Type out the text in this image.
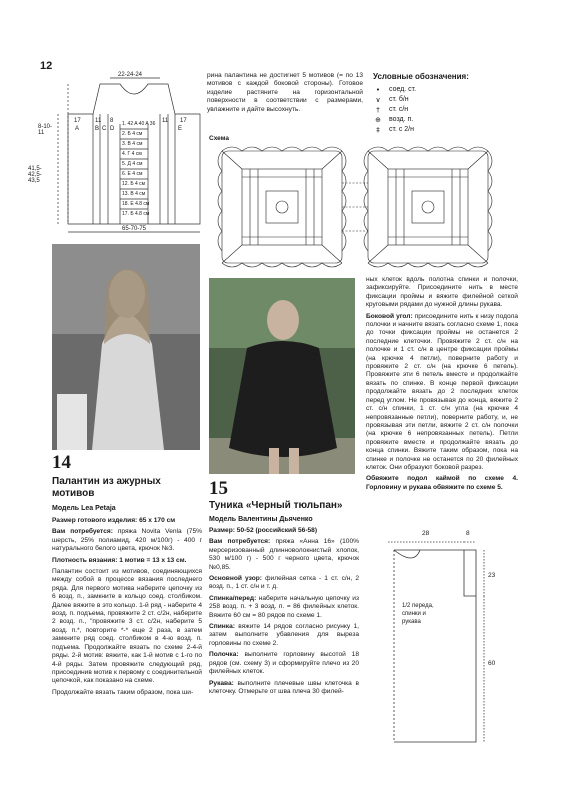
12
22-24-24
65-70-75
8-10-11
41,5-42,5-43,5
17 11 8	11 17
A	B C D	E
1. 42 A 40 A 36
2. Б 4 см
3. В 4 см
4. Г 4 см
5. Д 4 см
6. Е 4 см
12. Б 4 см
13. В 4 см
18. Е 4.8 см
17. Б 4.8 см

рина палантина не достигнет 5 мотивов (= по 13 мотивов с каждой боковой стороны). Готовое изделие растяните на горизонтальной поверхности в соответствии с размерами, увлажните и дайте высохнуть.

Условные обозначения:
•	соед. ст.
∨	ст. б/н
†	ст. с/н
⊕ возд. п.
‡	ст. с 2/н
Схема
14
Палантин из ажурных мотивов
Модель Lea Petaja

Размер готового изделия: 65 x 170 см

Вам потребуется: пряжа Novita Venla (75% шерсть, 25% полиамид, 420 м/100г) - 400 г натурального белого цвета, крючок №3.

Плотность вязания: 1 мотив = 13 x 13 см.

Палантин состоит из мотивов, соединяющихся между собой в процессе вязания последнего ряда. Для первого мотива наберите цепочку из 6 возд. п., замкните в кольцо соед. столбиком. Далее вяжите в это кольцо. 1-й ряд - наберите 4 возд. п. подъема, провяжите 2 ст. с/2н, наберите 2 возд. п., "провяжите 3 ст. с/2н, наберите 5 возд. п.*, повторите *-* еще 2 раза, в затем замкните ряд соед. столбиком в 4-ю возд. п. подъема. Продолжайте вязать по схеме 2-4-й ряды. 2-й мотив: вяжите, как 1-й мотив с 1-го по 4-й ряды. Затем провяжите следующий ряд, присоединив мотив к первому с соединительной цепочкой, как показано на схеме.

Продолжайте вязать таким образом, пока ши-

15
Туника «Черный тюльпан»
Модель Валентины Дьяченко

Размер: 50-52 (российский 56-58)

Вам потребуется: пряжа «Анна 16» (100% мерсеризованный длинноволокнистый хлопок, 530 м/100 г) - 500 г черного цвета, крючок №0,85.

Основной узор: филейная сетка - 1 ст. с/н, 2 возд. п., 1 ст. с/н и т. д.

Спинка/перед: наберите начальную цепочку из 258 возд. п. + 3 возд. п. = 86 филейных клеток. Вяжите 60 см = 80 рядов по схеме 1.

Спинка: вяжите 14 рядов согласно рисунку 1, затем выполните убавления для выреза горловины по схеме 2.

Полочка: выполните горловину высотой 18 рядов (см. схему 3) и сформируйте плечо из 20 филейных клеток.

Рукава: выполните плечевые швы клеточка в клеточку. Отмерьте от шва плеча 30 филей-

ных клеток вдоль полотна спинки и полочки, зафиксируйте. Присоедините нить в месте фиксации проймы и вяжите филейной сеткой круговыми рядами до нужной длины рукава.

Боковой угол: присоедините нить к низу подола полочки и начните вязать согласно схеме 1, пока до точки фиксации проймы не останется 2 последние клеточки. Провяжите 2 ст. с/н на полочке и 1 ст. с/н в центре фиксации проймы (на крючке 4 петли), поверните работу и провяжите 2 ст. с/н (на крючке 6 петель). Провяжите эти 6 петель вместе и продолжайте вязать по спинке. В конце первой фиксации продолжайте вязать до 2 последних клеток перед углом. Не провязывая до конца, вяжите 2 ст. с/н спинки, 1 ст. с/н углa (на крючке 4 непровязанные петли), поверните работу, и, не провязывая эти петли, вяжите 2 ст. с/н полочки (на крючке 6 непровязанных петель). Петли провяжите вместе и продолжайте вязать до конца спинки. Вяжите таким образом, пока на спинке и полочке не останется по 20 филейных клеток. Они образуют боковой разрез.

Обвяжите подол каймой по схеме 4. Горловину и рукава обвяжите по схеме 5.

28	8
23
60
1/2 переда, спинки и рукава
